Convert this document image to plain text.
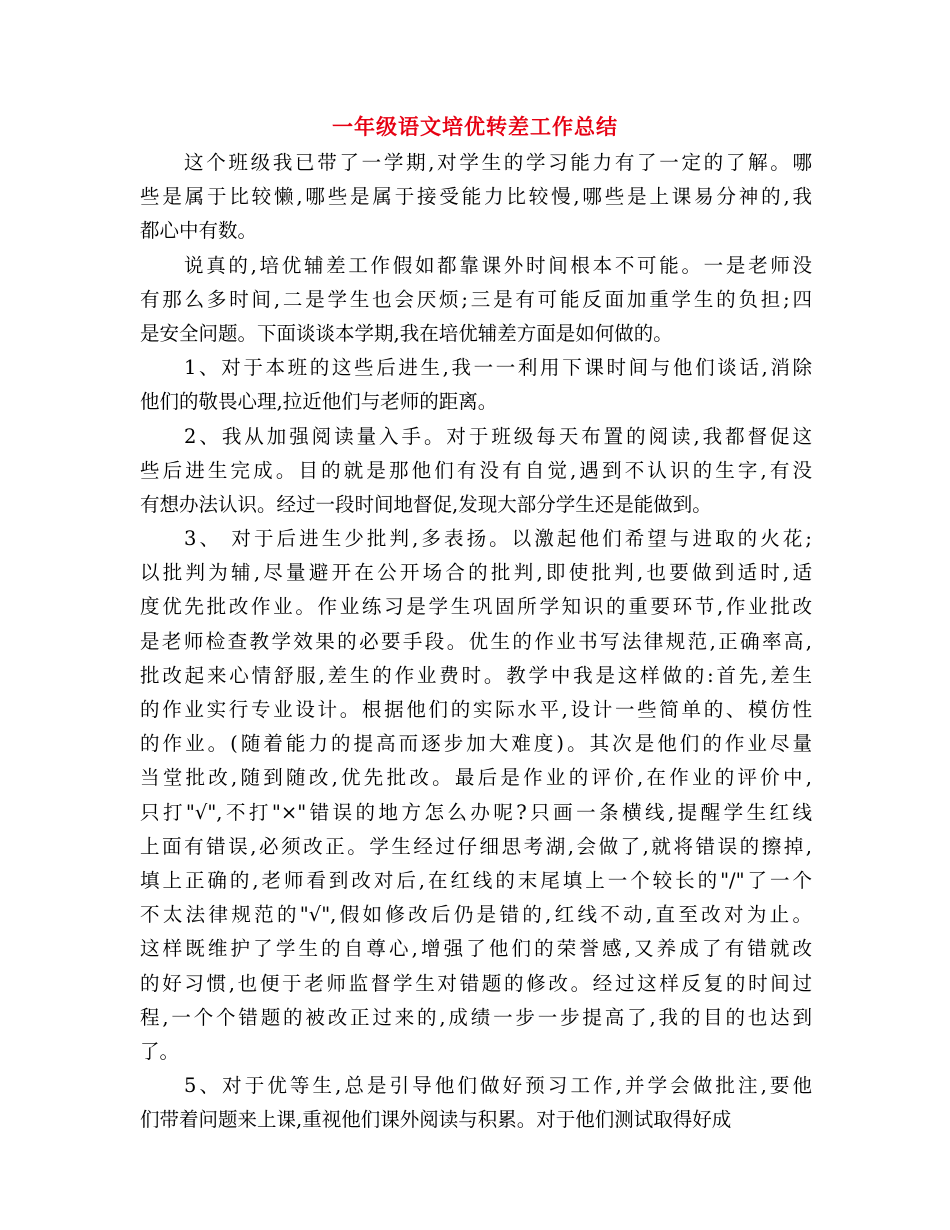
一年级语文培优转差工作总结
这个班级我已带了一学期,对学生的学习能力有了一定的了解。哪
些是属于比较懒,哪些是属于接受能力比较慢,哪些是上课易分神的,我
都心中有数。
说真的,培优辅差工作假如都靠课外时间根本不可能。一是老师没
有那么多时间,二是学生也会厌烦;三是有可能反面加重学生的负担;四
是安全问题。下面谈谈本学期,我在培优辅差方面是如何做的。
1、对于本班的这些后进生,我一一利用下课时间与他们谈话,消除
他们的敬畏心理,拉近他们与老师的距离。
2、我从加强阅读量入手。对于班级每天布置的阅读,我都督促这
些后进生完成。目的就是那他们有没有自觉,遇到不认识的生字,有没
有想办法认识。经过一段时间地督促,发现大部分学生还是能做到。
3、 对于后进生少批判,多表扬。以激起他们希望与进取的火花;
以批判为辅,尽量避开在公开场合的批判,即使批判,也要做到适时,适
度优先批改作业。作业练习是学生巩固所学知识的重要环节,作业批改
是老师检查教学效果的必要手段。优生的作业书写法律规范,正确率高,
批改起来心情舒服,差生的作业费时。教学中我是这样做的:首先,差生
的作业实行专业设计。根据他们的实际水平,设计一些简单的、模仿性
的作业。(随着能力的提高而逐步加大难度)。其次是他们的作业尽量
当堂批改,随到随改,优先批改。最后是作业的评价,在作业的评价中,
只打"√",不打"×"错误的地方怎么办呢?只画一条横线,提醒学生红线
上面有错误,必须改正。学生经过仔细思考湖,会做了,就将错误的擦掉,
填上正确的,老师看到改对后,在红线的末尾填上一个较长的"/"了一个
不太法律规范的"√",假如修改后仍是错的,红线不动,直至改对为止。
这样既维护了学生的自尊心,增强了他们的荣誉感,又养成了有错就改
的好习惯,也便于老师监督学生对错题的修改。经过这样反复的时间过
程,一个个错题的被改正过来的,成绩一步一步提高了,我的目的也达到
了。
5、对于优等生,总是引导他们做好预习工作,并学会做批注,要他
们带着问题来上课,重视他们课外阅读与积累。对于他们测试取得好成
